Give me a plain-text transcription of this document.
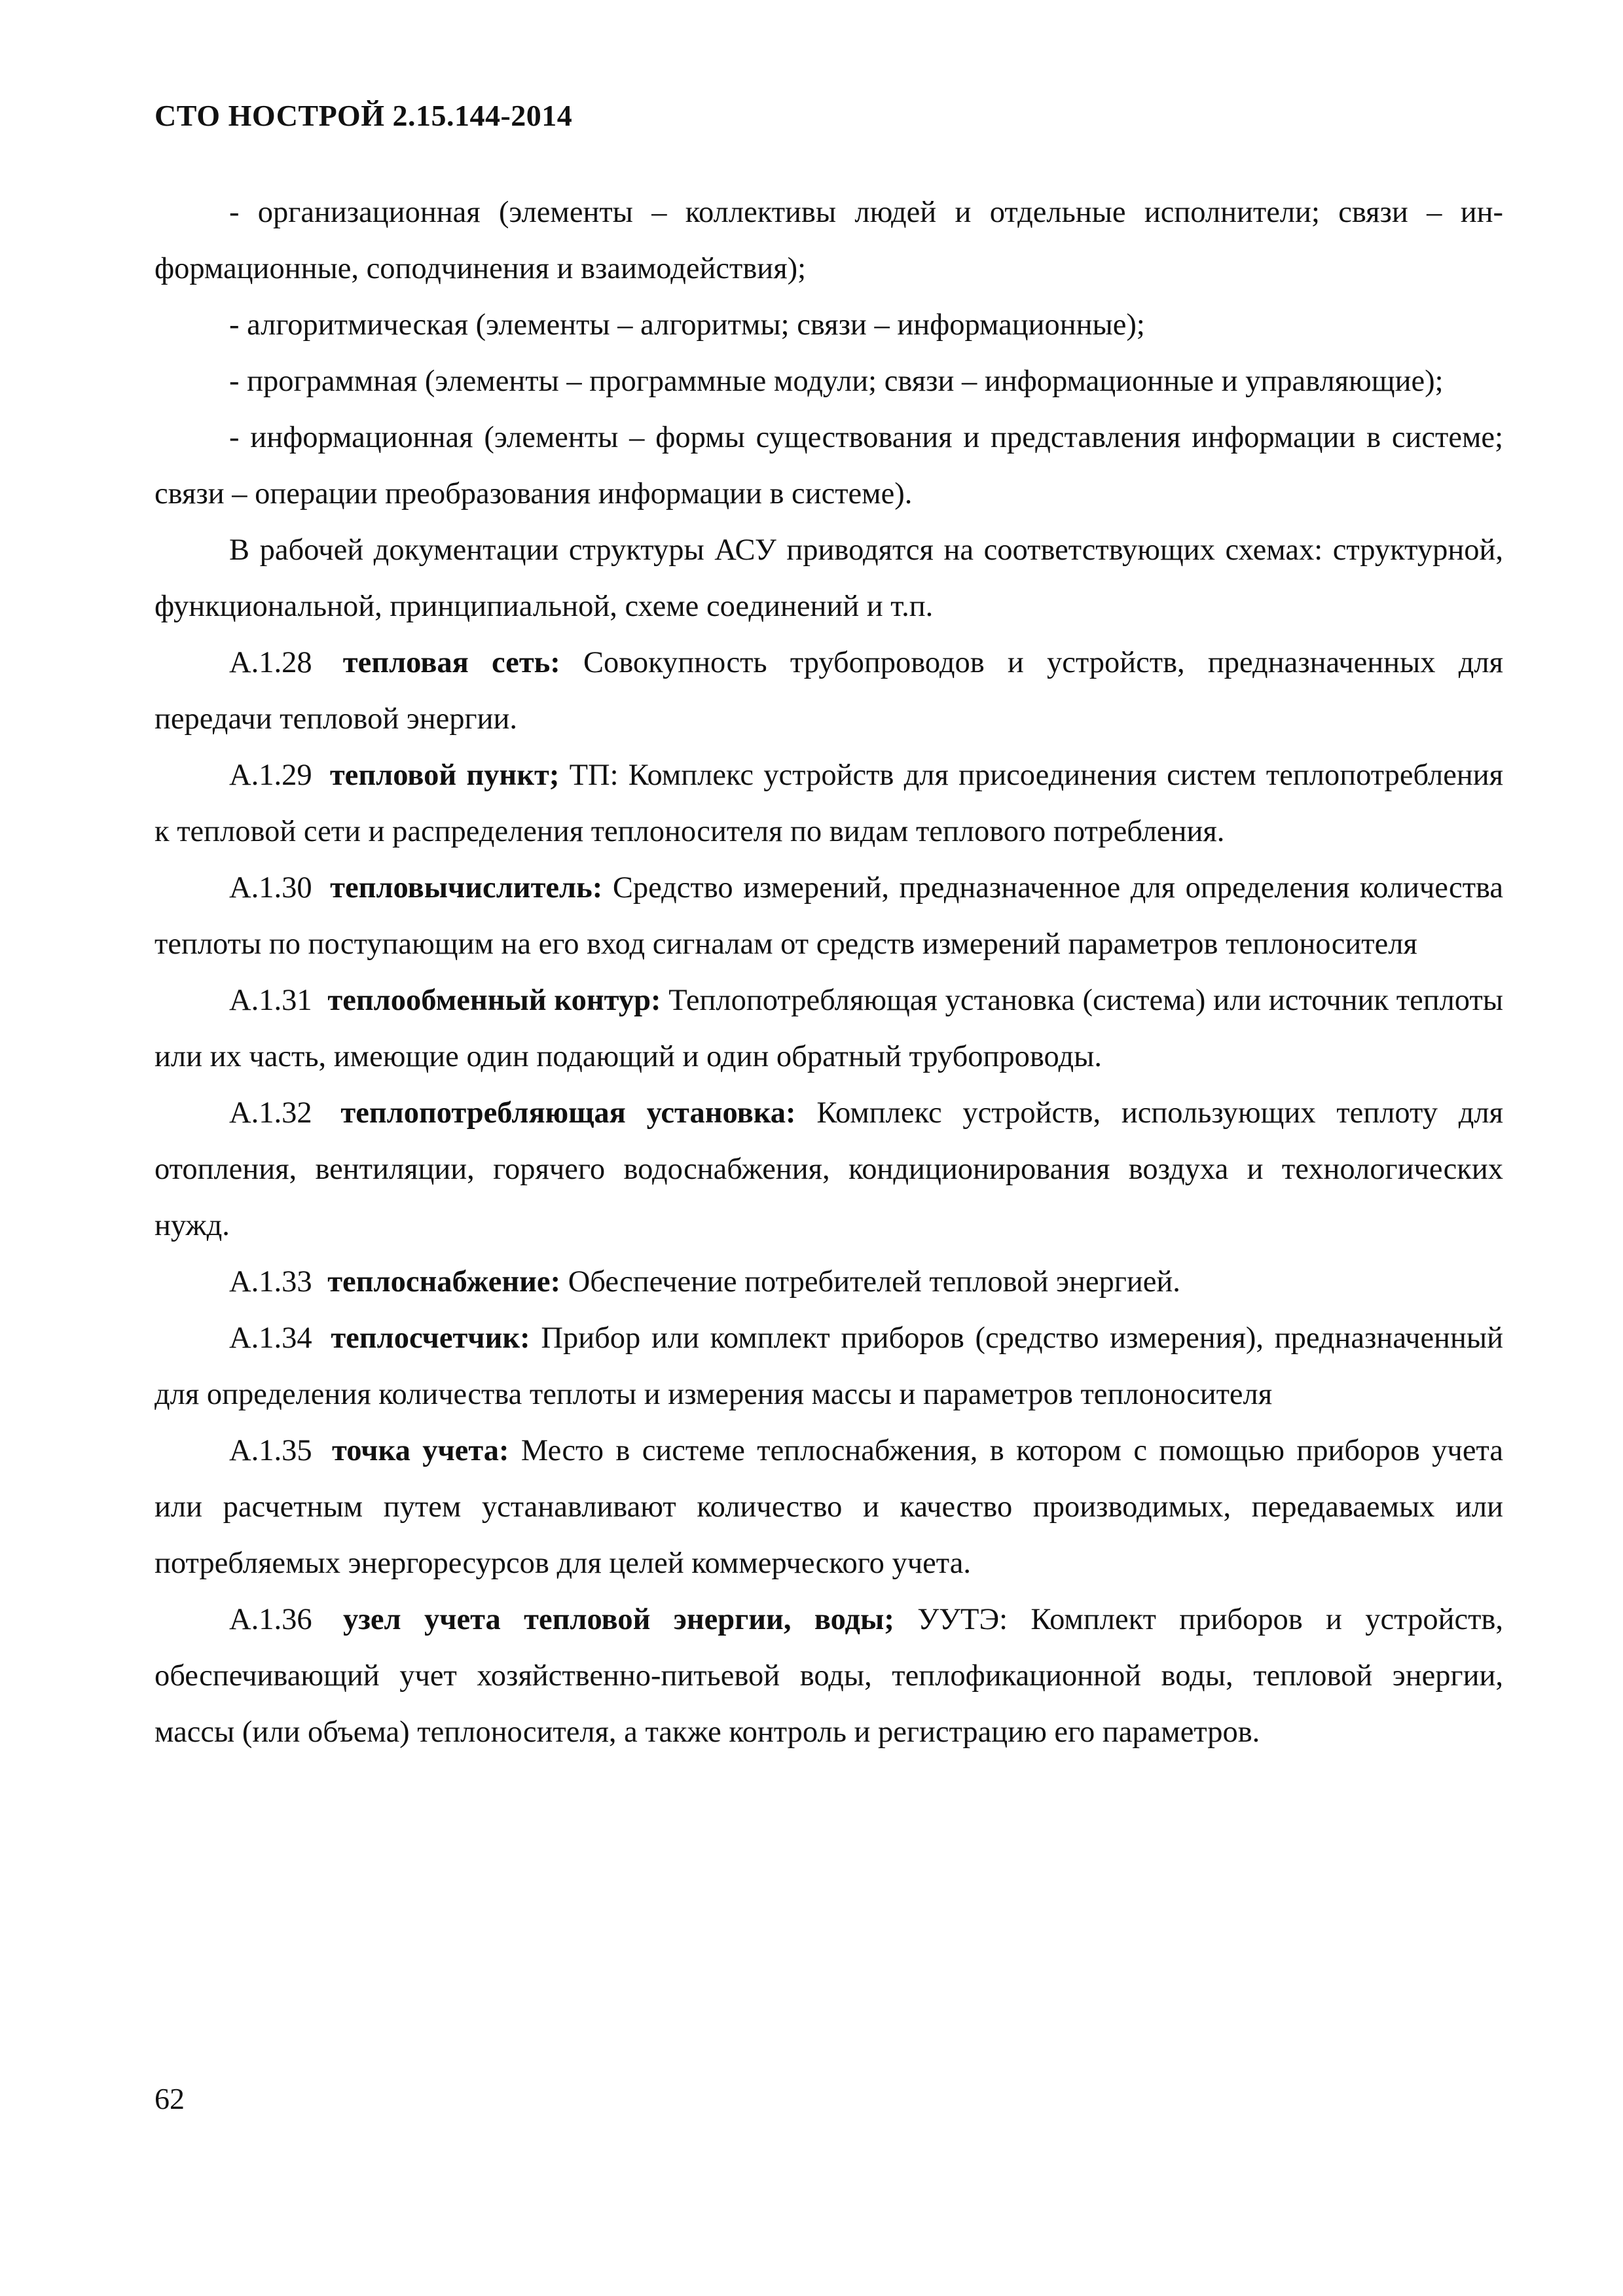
СТО НОСТРОЙ 2.15.144-2014

- организационная (элементы – коллективы людей и отдельные исполнители; связи – информационные, соподчинения и взаимодействия);

- алгоритмическая (элементы – алгоритмы; связи – информационные);

- программная (элементы – программные модули; связи – информационные и управляющие);

- информационная (элементы – формы существования и представления информации в системе; связи – операции преобразования информации в системе).

В рабочей документации структуры АСУ приводятся на соответствующих схемах: структурной, функциональной, принципиальной, схеме соединений и т.п.

А.1.28 тепловая сеть: Совокупность трубопроводов и устройств, предназначенных для передачи тепловой энергии.

А.1.29 тепловой пункт; ТП: Комплекс устройств для присоединения систем теплопотребления к тепловой сети и распределения теплоносителя по видам теплового потребления.

А.1.30 тепловычислитель: Средство измерений, предназначенное для определения количества теплоты по поступающим на его вход сигналам от средств измерений параметров теплоносителя

А.1.31 теплообменный контур: Теплопотребляющая установка (система) или источник теплоты или их часть, имеющие один подающий и один обратный трубопроводы.

А.1.32 теплопотребляющая установка: Комплекс устройств, использующих теплоту для отопления, вентиляции, горячего водоснабжения, кондиционирования воздуха и технологических нужд.

А.1.33 теплоснабжение: Обеспечение потребителей тепловой энергией.

А.1.34 теплосчетчик: Прибор или комплект приборов (средство измерения), предназначенный для определения количества теплоты и измерения массы и параметров теплоносителя

А.1.35 точка учета: Место в системе теплоснабжения, в котором с помощью приборов учета или расчетным путем устанавливают количество и качество производимых, передаваемых или потребляемых энергоресурсов для целей коммерческого учета.

А.1.36 узел учета тепловой энергии, воды; УУТЭ: Комплект приборов и устройств, обеспечивающий учет хозяйственно-питьевой воды, теплофикационной воды, тепловой энергии, массы (или объема) теплоносителя, а также контроль и регистрацию его параметров.

62
